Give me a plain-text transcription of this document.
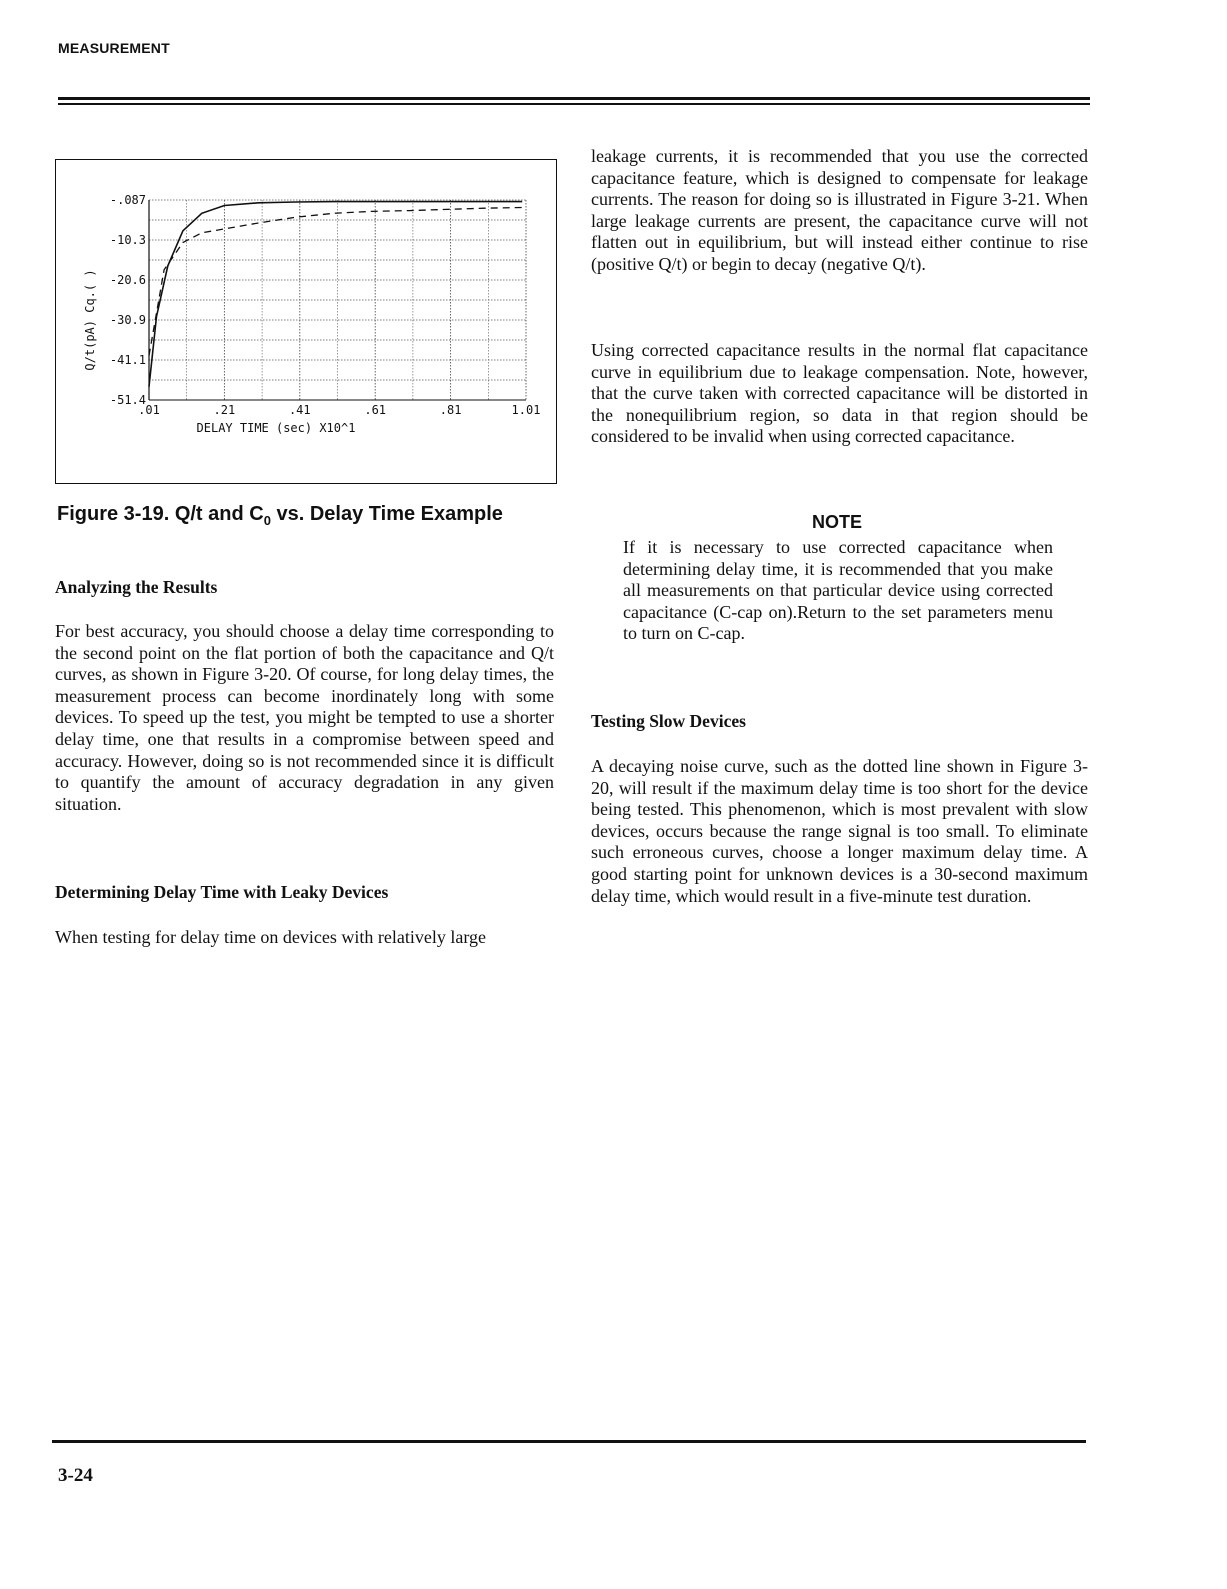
MEASUREMENT
-.087
-10.3
-20.6
-30.9
-41.1
-51.4
.01	.21	.41	.61	.81	1.01
DELAY TIME (sec) X10^1
Q/t(pA) Cq.( )
Figure 3-19. Q/t and $C_0$ vs. Delay Time Example
Analyzing the Results

For best accuracy, you should choose a delay time corresponding to the second point on the flat portion of both the capacitance and Q/t curves, as shown in Figure 3-20. Of course, for long delay times, the measurement process can become inordinately long with some devices. To speed up the test, you might be tempted to use a shorter delay time, one that results in a compromise between speed and accuracy. However, doing so is not recommended since it is difficult to quantify the amount of accuracy degradation in any given situation.

Determining Delay Time with Leaky Devices

When testing for delay time on devices with relatively large

leakage currents, it is recommended that you use the corrected capacitance feature, which is designed to compensate for leakage currents. The reason for doing so is illustrated in Figure 3-21. When large leakage currents are present, the capacitance curve will not flatten out in equilibrium, but will instead either continue to rise (positive Q/t) or begin to decay (negative Q/t).

Using corrected capacitance results in the normal flat capacitance curve in equilibrium due to leakage compensation. Note, however, that the curve taken with corrected capacitance will be distorted in the nonequilibrium region, so data in that region should be considered to be invalid when using corrected capacitance.

NOTE

If it is necessary to use corrected capacitance when determining delay time, it is recommended that you make all measurements on that particular device using corrected capacitance (C-cap on).Return to the set parameters menu to turn on C-cap.

Testing Slow Devices

A decaying noise curve, such as the dotted line shown in Figure 3-20, will result if the maximum delay time is too short for the device being tested. This phenomenon, which is most prevalent with slow devices, occurs because the range signal is too small. To eliminate such erroneous curves, choose a longer maximum delay time. A good starting point for unknown devices is a 30-second maximum delay time, which would result in a five-minute test duration.

3-24
